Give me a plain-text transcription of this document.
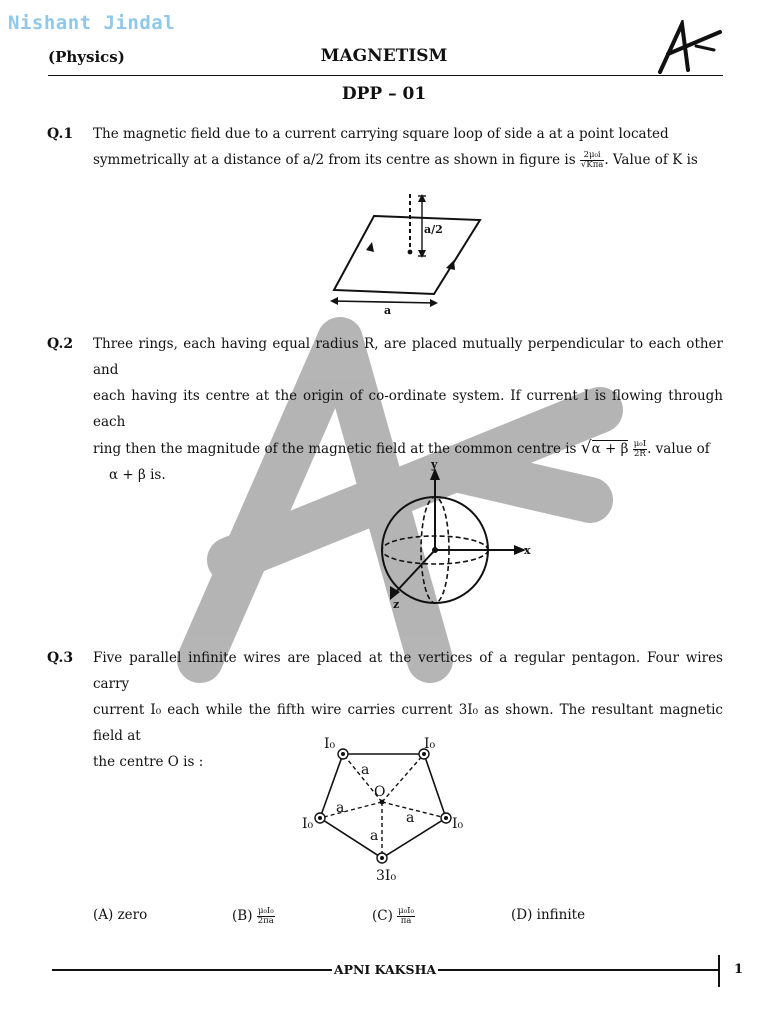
Nishant Jindal
(Physics)	MAGNETISM
DPP – 01
Q.1 The magnetic field due to a current carrying square loop of side a at a point located
symmetrically at a distance of a/2 from its centre as shown in figure is $\frac{\text{2μ₀i}}{\text{√Kπa}}$ . Value of K is
a/2
a
Q.2 Three rings, each having equal radius R, are placed mutually perpendicular to each other and
each having its centre at the origin of co-ordinate system. If current I is flowing through each
ring then the magnitude of the magnetic field at the common centre is √α + β $\frac{\text{μ₀I}}{2R}$ . value of
α + β is.
y
x
z
Q.3 Five parallel infinite wires are placed at the vertices of a regular pentagon. Four wires carry
current I₀ each while the fifth wire carries current 3I₀ as shown. The resultant magnetic field at
the centre O is :
I₀	I₀
I₀	I₀
3I₀
O
a
a
a
a
(A) zero	$(B) \frac{\text{μ₀I₀}}{2\pi a}$	$(C) \frac{\text{μ₀I₀}}{\pi a}$	(D) infinite
APNI KAKSHA	1
